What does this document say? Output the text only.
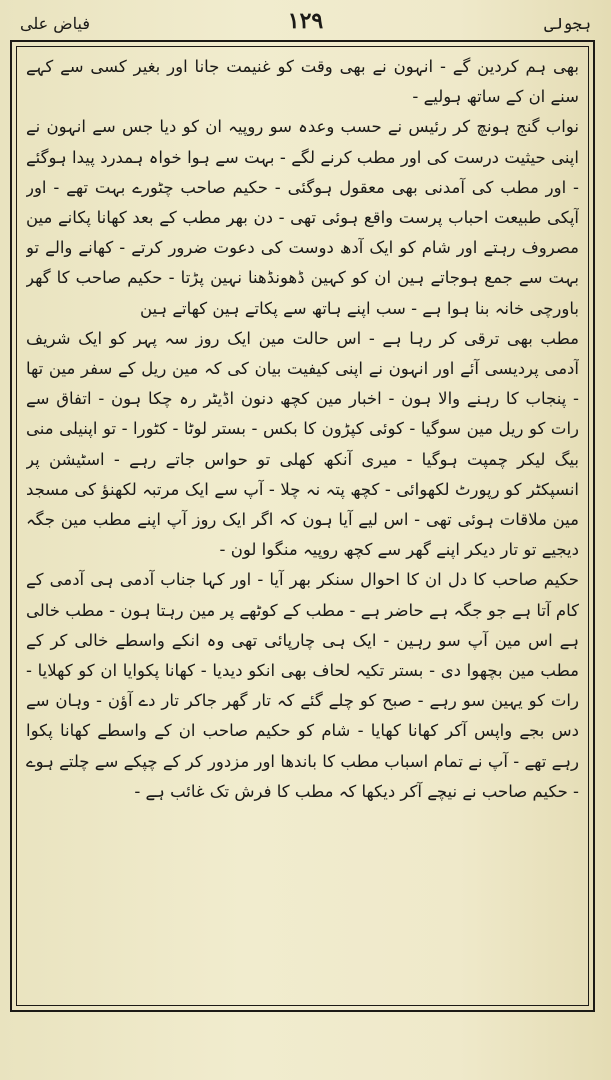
ہجولی
۱۲۹
فیاض علی

بھی ہم کردین گے - انہون نے بھی وقت کو غنیمت جانا اور بغیر کسی سے کہے سنے ان کے ساتھ ہولیے -

نواب گنج ہونچ کر رئیس نے حسب وعدہ سو روپیہ ان کو دیا جس سے انہون نے اپنی حیثیت درست کی اور مطب کرنے لگے - بہت سے ہوا خواہ ہمدرد پیدا ہوگئے - اور مطب کی آمدنی بھی معقول ہوگئی - حکیم صاحب چٹورے بہت تھے - اور آپکی طبیعت احباب پرست واقع ہوئی تھی - دن بھر مطب کے بعد کھانا پکانے مین مصروف رہتے اور شام کو ایک آدھ دوست کی دعوت ضرور کرتے - کھانے والے تو بہت سے جمع ہوجاتے ہین ان کو کہین ڈھونڈھنا نہین پڑتا - حکیم صاحب کا گھر باورچی خانہ بنا ہوا ہے - سب اپنے ہاتھ سے پکاتے ہین کھاتے ہین

مطب بھی ترقی کر رہا ہے - اس حالت مین ایک روز سہ پہر کو ایک شریف آدمی پردیسی آئے اور انہون نے اپنی کیفیت بیان کی کہ مین ریل کے سفر مین تھا - پنجاب کا رہنے والا ہون - اخبار مین کچھ دنون اڈیٹر رہ چکا ہون - اتفاق سے رات کو ریل مین سوگیا - کوئی کپڑون کا بکس - بستر لوٹا - کٹورا - تو اپنیلی منی بیگ لیکر چمپت ہوگیا - میری آنکھ کھلی تو حواس جاتے رہے - اسٹیشن پر انسپکٹر کو رپورٹ لکھوائی - کچھ پتہ نہ چلا - آپ سے ایک مرتبہ لکھنؤ کی مسجد مین ملاقات ہوئی تھی - اس لیے آیا ہون کہ اگر ایک روز آپ اپنے مطب مین جگہ دیجیے تو تار دیکر اپنے گھر سے کچھ روپیہ منگوا لون -

حکیم صاحب کا دل ان کا احوال سنکر بھر آیا - اور کہا جناب آدمی ہی آدمی کے کام آتا ہے جو جگہ ہے حاضر ہے - مطب کے کوٹھے پر مین رہتا ہون - مطب خالی ہے اس مین آپ سو رہین - ایک ہی چارپائی تھی وہ انکے واسطے خالی کر کے مطب مین بچھوا دی - بستر تکیہ لحاف بھی انکو دیدیا - کھانا پکوایا ان کو کھلایا - رات کو یہین سو رہے - صبح کو چلے گئے کہ تار گھر جاکر تار دے آؤن - وہان سے دس بجے واپس آکر کھانا کھایا - شام کو حکیم صاحب ان کے واسطے کھانا پکوا رہے تھے - آپ نے تمام اسباب مطب کا باندھا اور مزدور کر کے چپکے سے چلتے ہوے - حکیم صاحب نے نیچے آکر دیکھا کہ مطب کا فرش تک غائب ہے -
